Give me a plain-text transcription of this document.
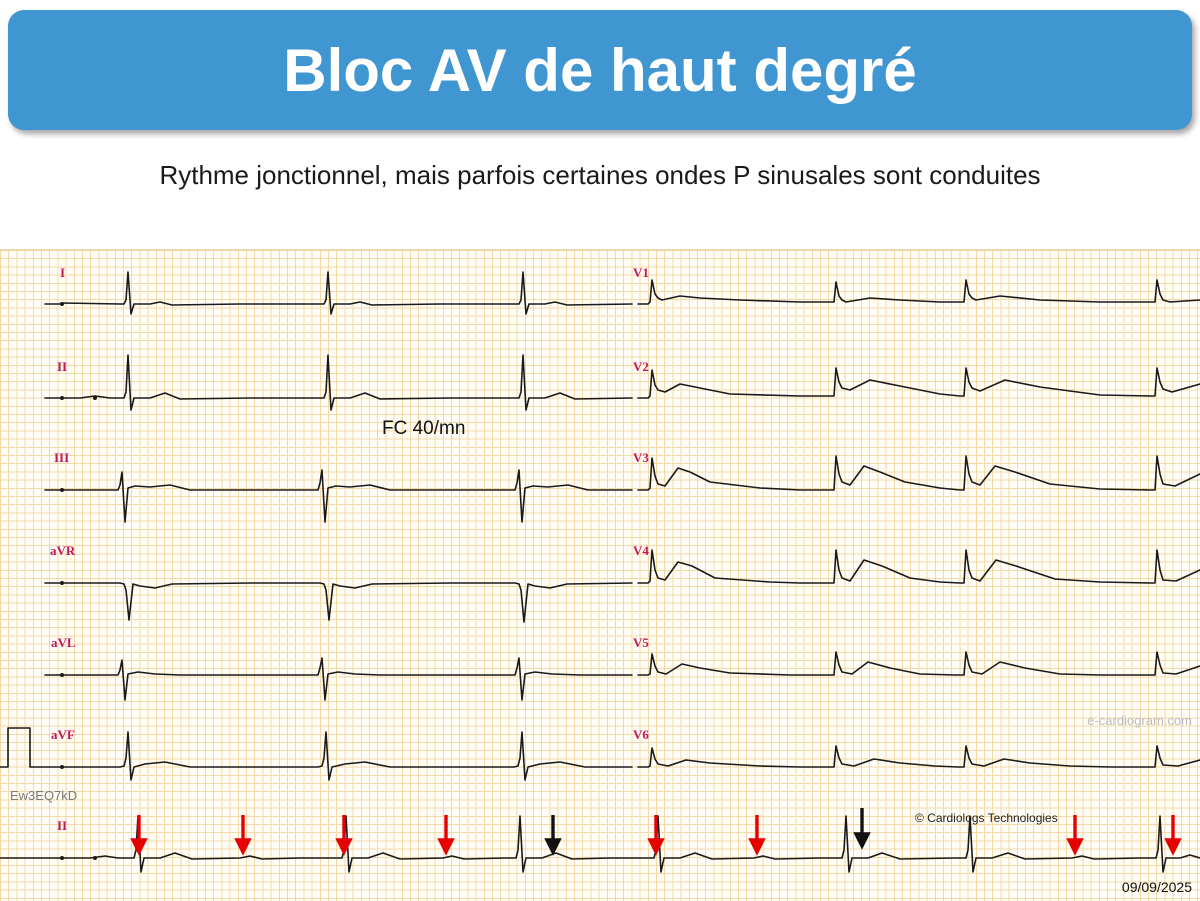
Bloc AV de haut degré
Rythme jonctionnel, mais parfois certaines ondes P sinusales sont conduites
I
II
III
aVR
aVL
aVF
II
V1
V2
V3
V4
V5
V6
FC 40/mn
e-cardiogram.com
© Cardiologs Technologies
Ew3EQ7kD
09/09/2025
